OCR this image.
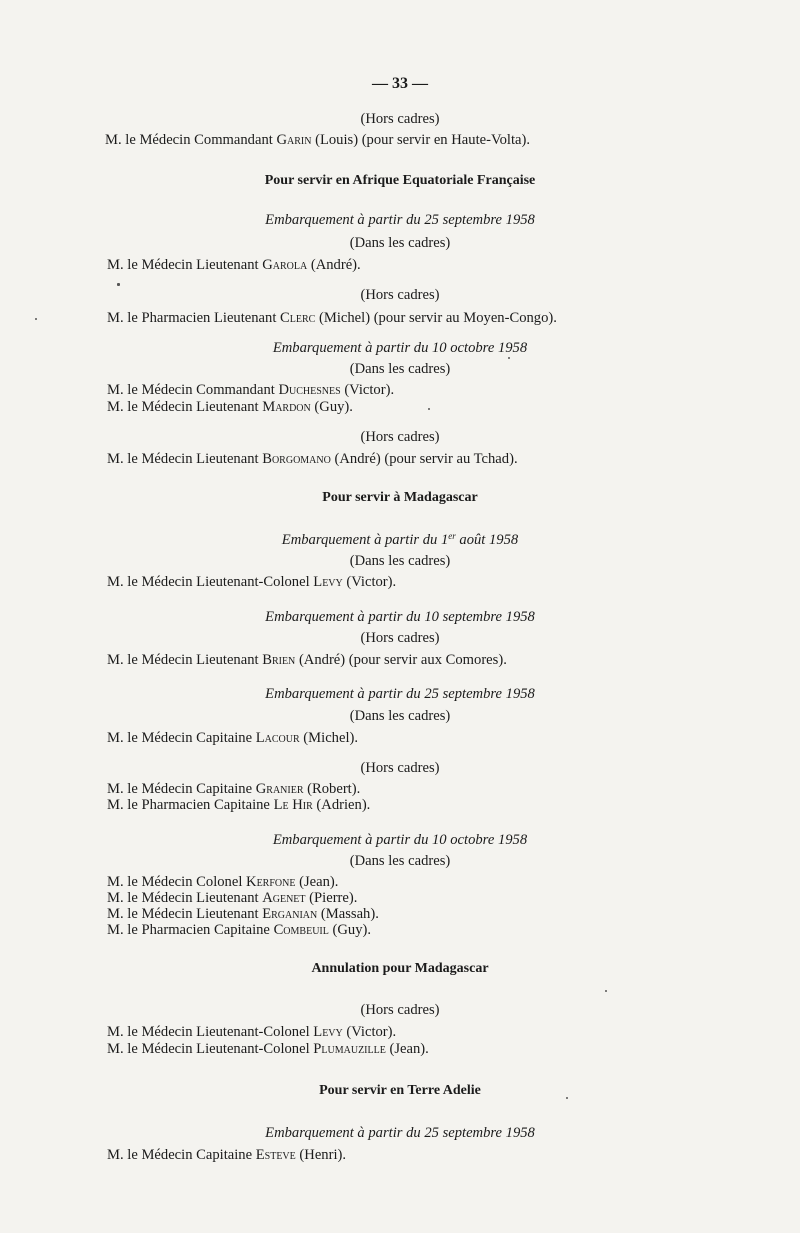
— 33 —
(Hors cadres)
M. le Médecin Commandant Garin (Louis) (pour servir en Haute-Volta).
Pour servir en Afrique Equatoriale Française
Embarquement à partir du 25 septembre 1958
(Dans les cadres)
M. le Médecin Lieutenant Garola (André).
(Hors cadres)
M. le Pharmacien Lieutenant Clerc (Michel) (pour servir au Moyen-Congo).
Embarquement à partir du 10 octobre 1958
(Dans les cadres)
M. le Médecin Commandant Duchesnes (Victor).
M. le Médecin Lieutenant Mardon (Guy).
(Hors cadres)
M. le Médecin Lieutenant Borgomano (André) (pour servir au Tchad).
Pour servir à Madagascar
Embarquement à partir du 1er août 1958
(Dans les cadres)
M. le Médecin Lieutenant-Colonel Levy (Victor).
Embarquement à partir du 10 septembre 1958
(Hors cadres)
M. le Médecin Lieutenant Brien (André) (pour servir aux Comores).
Embarquement à partir du 25 septembre 1958
(Dans les cadres)
M. le Médecin Capitaine Lacour (Michel).
(Hors cadres)
M. le Médecin Capitaine Granier (Robert).
M. le Pharmacien Capitaine Le Hir (Adrien).
Embarquement à partir du 10 octobre 1958
(Dans les cadres)
M. le Médecin Colonel Kerfone (Jean).
M. le Médecin Lieutenant Agenet (Pierre).
M. le Médecin Lieutenant Erganian (Massah).
M. le Pharmacien Capitaine Combeuil (Guy).
Annulation pour Madagascar
(Hors cadres)
M. le Médecin Lieutenant-Colonel Levy (Victor).
M. le Médecin Lieutenant-Colonel Plumauzille (Jean).
Pour servir en Terre Adelie
Embarquement à partir du 25 septembre 1958
M. le Médecin Capitaine Esteve (Henri).
